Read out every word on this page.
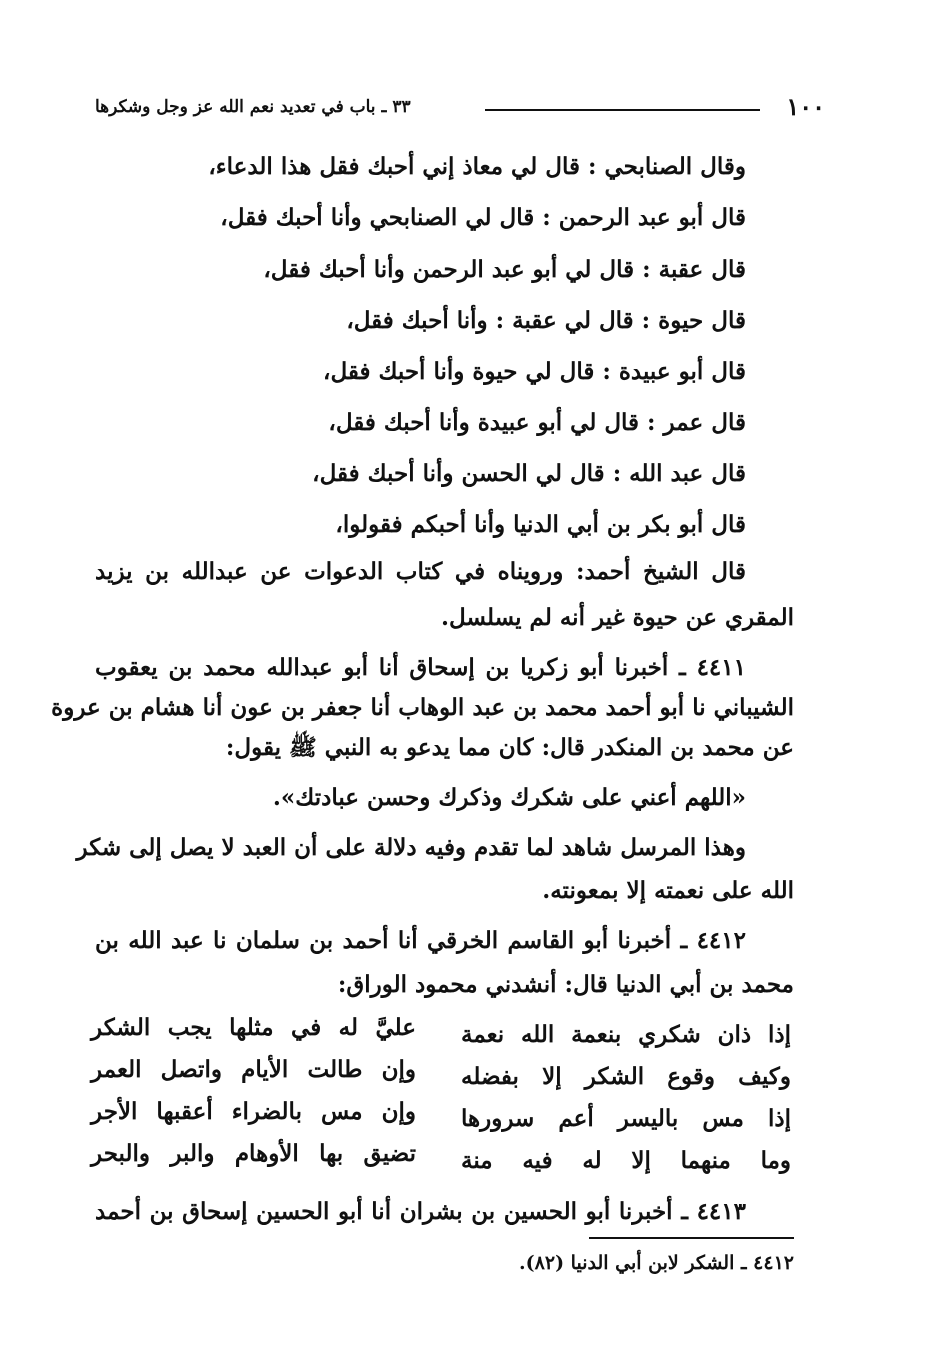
١٠٠
٣٣ ـ باب في تعديد نعم الله عز وجل وشكرها
وقال الصنابحي : قال لي معاذ إني أحبك فقل هذا الدعاء،
قال أبو عبد الرحمن : قال لي الصنابحي وأنا أحبك فقل،
قال عقبة : قال لي أبو عبد الرحمن وأنا أحبك فقل،
قال حيوة : قال لي عقبة : وأنا أحبك فقل،
قال أبو عبيدة : قال لي حيوة وأنا أحبك فقل،
قال عمر : قال لي أبو عبيدة وأنا أحبك فقل،
قال عبد الله : قال لي الحسن وأنا أحبك فقل،
قال أبو بكر بن أبي الدنيا وأنا أحبكم فقولوا،
قال الشيخ أحمد: ورويناه في كتاب الدعوات عن عبدالله بن يزيد
المقري عن حيوة غير أنه لم يسلسل.
٤٤١١ ـ أخبرنا أبو زكريا بن إسحاق أنا أبو عبدالله محمد بن يعقوب
الشيباني نا أبو أحمد محمد بن عبد الوهاب أنا جعفر بن عون أنا هشام بن عروة
عن محمد بن المنكدر قال: كان مما يدعو به النبي ﷺ يقول:
«اللهم أعني على شكرك وذكرك وحسن عبادتك».
وهذا المرسل شاهد لما تقدم وفيه دلالة على أن العبد لا يصل إلى شكر
الله على نعمته إلا بمعونته.
٤٤١٢ ـ أخبرنا أبو القاسم الخرقي أنا أحمد بن سلمان نا عبد الله بن
محمد بن أبي الدنيا قال: أنشدني محمود الوراق:
إذا ذان شكري بنعمة الله نعمة
عليَّ له في مثلها يجب الشكر
وكيف وقوع الشكر إلا بفضله
وإن طالت الأيام واتصل العمر
إذا مس باليسر أعم سرورها
وإن مس بالضراء أعقبها الأجر
وما منهما إلا له فيه منة
تضيق بها الأوهام والبر والبحر
٤٤١٣ ـ أخبرنا أبو الحسين بن بشران أنا أبو الحسين إسحاق بن أحمد
٤٤١٢ ـ الشكر لابن أبي الدنيا (٨٢).
